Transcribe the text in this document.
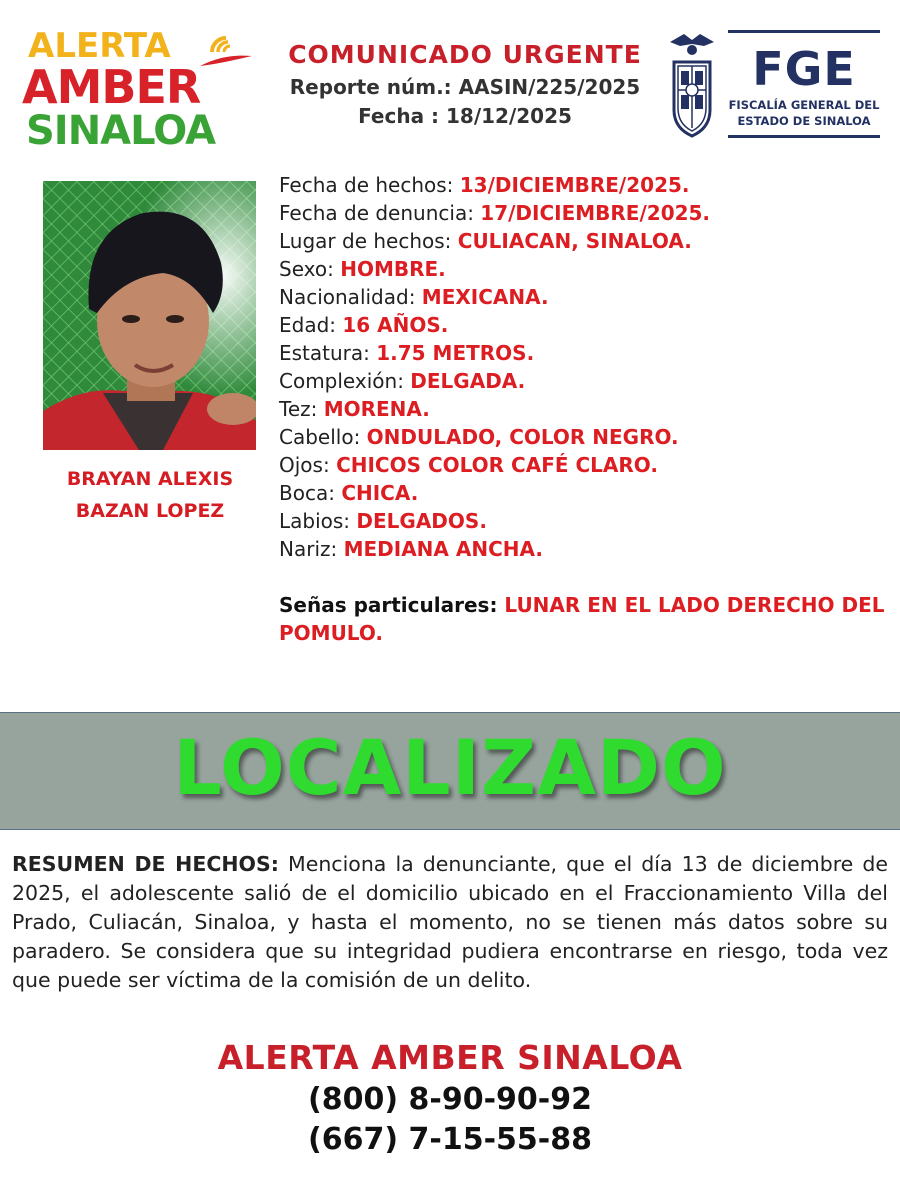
ALERTA
AMBER
SINALOA
COMUNICADO URGENTE
Reporte núm.: AASIN/225/2025
Fecha : 18/12/2025
FGE
FISCALÍA GENERAL DEL
ESTADO DE SINALOA
BRAYAN ALEXIS
BAZAN LOPEZ
Fecha de hechos: 13/DICIEMBRE/2025.
Fecha de denuncia: 17/DICIEMBRE/2025.
Lugar de hechos: CULIACAN, SINALOA.
Sexo: HOMBRE.
Nacionalidad: MEXICANA.
Edad: 16 AÑOS.
Estatura: 1.75 METROS.
Complexión: DELGADA.
Tez: MORENA.
Cabello: ONDULADO, COLOR NEGRO.
Ojos: CHICOS COLOR CAFÉ CLARO.
Boca: CHICA.
Labios: DELGADOS.
Nariz: MEDIANA ANCHA.
Señas particulares: LUNAR EN EL LADO DERECHO DEL POMULO.
LOCALIZADO
RESUMEN DE HECHOS: Menciona la denunciante, que el día 13 de diciembre de 2025, el adolescente salió de el domicilio ubicado en el Fraccionamiento Villa del Prado, Culiacán, Sinaloa, y hasta el momento, no se tienen más datos sobre su paradero. Se considera que su integridad pudiera encontrarse en riesgo, toda vez que puede ser víctima de la comisión de un delito.
ALERTA AMBER SINALOA
(800) 8-90-90-92
(667) 7-15-55-88
